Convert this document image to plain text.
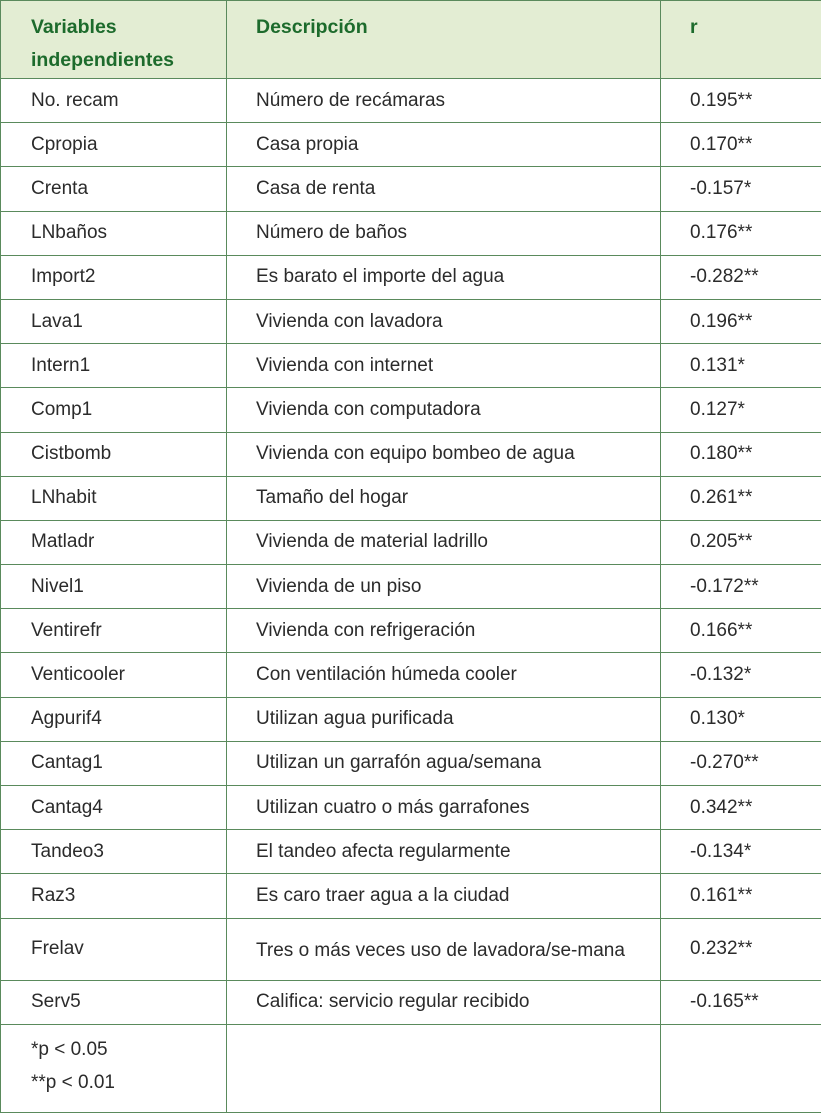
Variables
independientes	Descripción	r
No. recam	Número de recámaras	0.195**
Cpropia	Casa propia	0.170**
Crenta	Casa de renta	-0.157*
LNbaños	Número de baños	0.176**
Import2	Es barato el importe del agua	-0.282**
Lava1	Vivienda con lavadora	0.196**
Intern1	Vivienda con internet	0.131*
Comp1	Vivienda con computadora	0.127*
Cistbomb	Vivienda con equipo bombeo de agua	0.180**
LNhabit	Tamaño del hogar	0.261**
Matladr	Vivienda de material ladrillo	0.205**
Nivel1	Vivienda de un piso	-0.172**
Ventirefr	Vivienda con refrigeración	0.166**
Venticooler	Con ventilación húmeda cooler	-0.132*
Agpurif4	Utilizan agua purificada	0.130*
Cantag1	Utilizan un garrafón agua/semana	-0.270**
Cantag4	Utilizan cuatro o más garrafones	0.342**
Tandeo3	El tandeo afecta regularmente	-0.134*
Raz3	Es caro traer agua a la ciudad	0.161**
Frelav	Tres o más veces uso de lavadora/se-mana	0.232**
Serv5	Califica: servicio regular recibido	-0.165**

*p < 0.05
**p < 0.01		
